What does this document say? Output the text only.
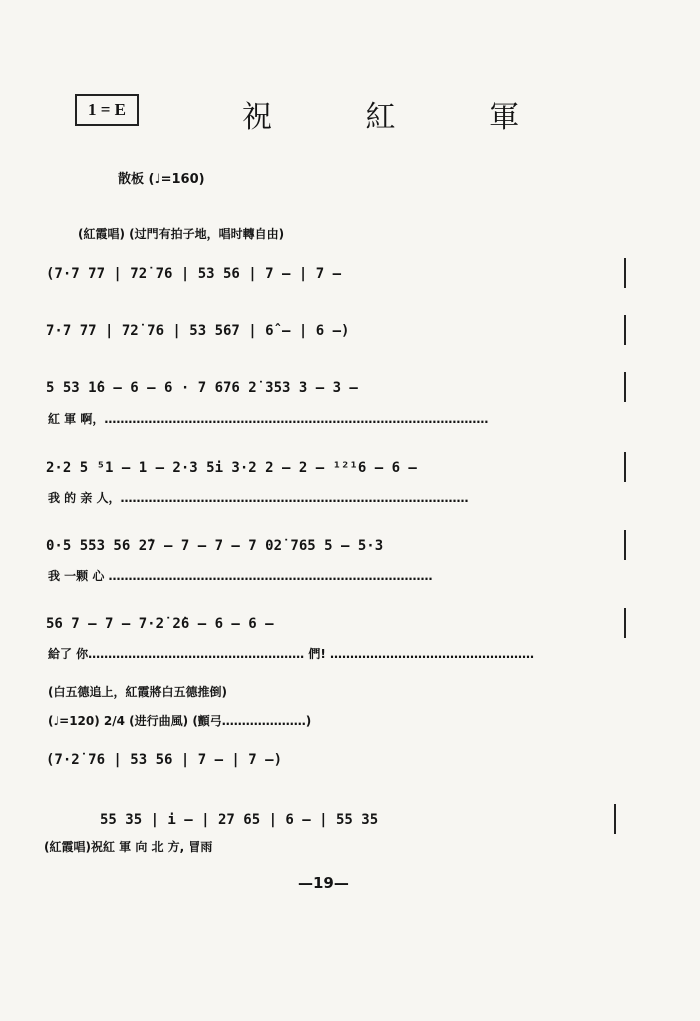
1 = E	祝 紅 軍
散板 (♩=160)
(紅霞唱) (过門有拍子地，唱时轉自由)
(7·7 77 | 72̇ 76 | 53 56 | 7 — | 7 —
7·7 77 | 72̇ 76 | 53 567 | 6̂ — | 6 —)
5 53 1̇6 — 6 — 6 · 7 676 2̇ 353 3 — 3 —
紅 軍 啊，……………………………………………………………………………………
2·2 5 ⁵1 — 1 — 2·3 5i 3·2 2 — 2 — ¹²¹6 — 6 —
我 的 亲 人，……………………………………………………………………………
0·5 553 56 2̇7 — 7 — 7 — 7 02̇ 765 5 — 5·3
我 一颗 心 ………………………………………………………………………
56 7 — 7 — 7·2̇ 2̇6 — 6 — 6 —
給了 你……………………………………………… 們! ……………………………………………
(白五德追上，紅霞將白五德推倒)
(♩=120) 2/4 (进行曲風) (顫弓…………………)
(7·2̇ 76 | 53 56 | 7 — | 7 —)
55 35 | i — | 27 65 | 6 — | 55 35
(紅霞唱)祝紅 軍 向 北 方, 冒雨
—19—
